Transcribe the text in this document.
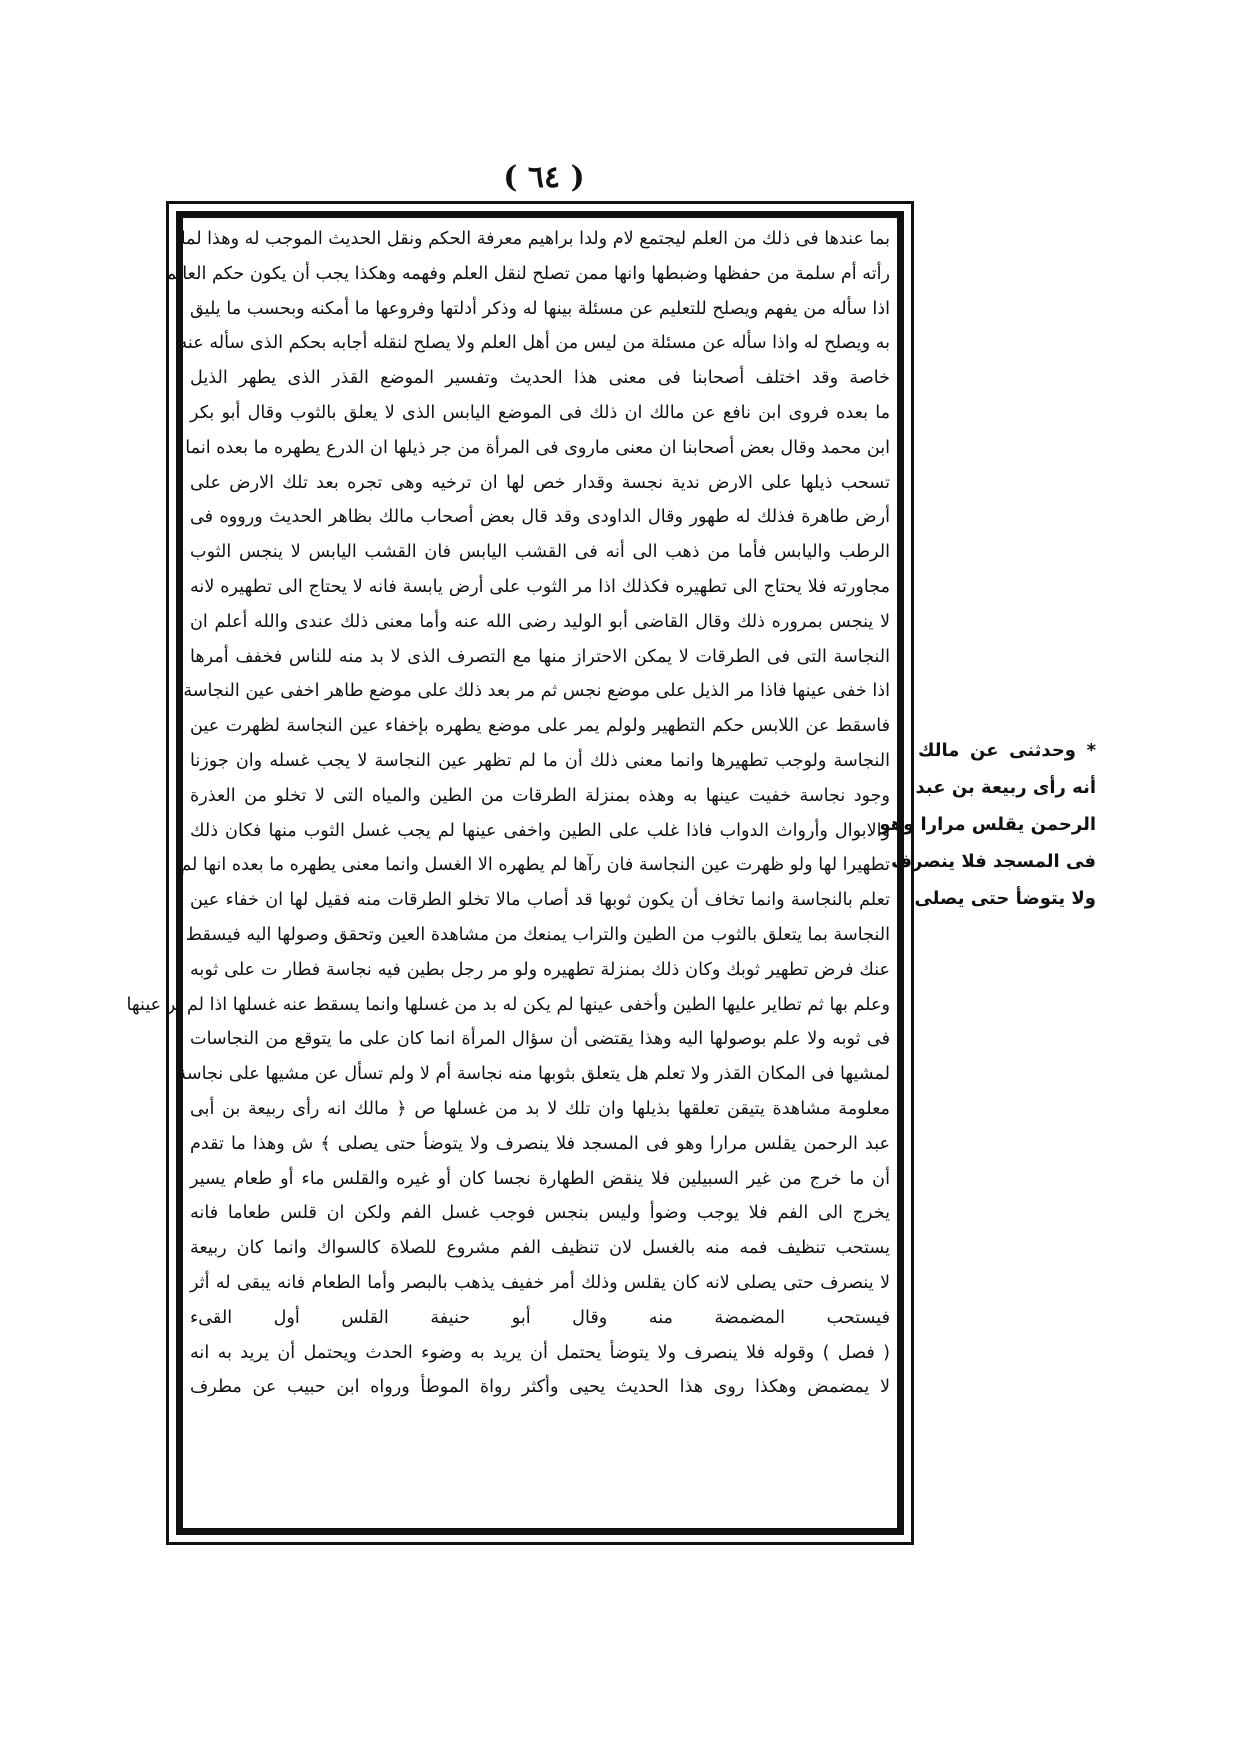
( ٦٤ )
بما عندها فى ذلك من العلم ليجتمع لام ولدا براهيم معرفة الحكم ونقل الحديث الموجب له وهذا لما
رأته أم سلمة من حفظها وضبطها وانها ممن تصلح لنقل العلم وفهمه وهكذا يجب أن يكون حكم العالم
اذا سأله من يفهم ويصلح للتعليم عن مسئلة بينها له وذكر أدلتها وفروعها ما أمكنه وبحسب ما يليق
به ويصلح له واذا سأله عن مسئلة من ليس من أهل العلم ولا يصلح لنقله أجابه بحكم الذى سأله عنه
خاصة وقد اختلف أصحابنا فى معنى هذا الحديث وتفسير الموضع القذر الذى يطهر الذيل
ما بعده فروى ابن نافع عن مالك ان ذلك فى الموضع اليابس الذى لا يعلق بالثوب وقال أبو بكر
ابن محمد وقال بعض أصحابنا ان معنى ماروى فى المرأة من جر ذيلها ان الدرع يطهره ما بعده انما
تسحب ذيلها على الارض ندية نجسة وقدار خص لها ان ترخيه وهى تجره بعد تلك الارض على
أرض طاهرة فذلك له طهور وقال الداودى وقد قال بعض أصحاب مالك بظاهر الحديث ورووه فى
الرطب واليابس فأما من ذهب الى أنه فى القشب اليابس فان القشب اليابس لا ينجس الثوب
مجاورته فلا يحتاج الى تطهيره فكذلك اذا مر الثوب على أرض يابسة فانه لا يحتاج الى تطهيره لانه
لا ينجس بمروره ذلك وقال القاضى أبو الوليد رضى الله عنه وأما معنى ذلك عندى والله أعلم ان
النجاسة التى فى الطرقات لا يمكن الاحتراز منها مع التصرف الذى لا بد منه للناس فخفف أمرها
اذا خفى عينها فاذا مر الذيل على موضع نجس ثم مر بعد ذلك على موضع طاهر اخفى عين النجاسة
فاسقط عن اللابس حكم التطهير ولولم يمر على موضع يطهره بإخفاء عين النجاسة لظهرت عين
النجاسة ولوجب تطهيرها وانما معنى ذلك أن ما لم تظهر عين النجاسة لا يجب غسله وان جوزنا
وجود نجاسة خفيت عينها به وهذه بمنزلة الطرقات من الطين والمياه التى لا تخلو من العذرة
والابوال وأرواث الدواب فاذا غلب على الطين واخفى عينها لم يجب غسل الثوب منها فكان ذلك
تطهيرا لها ولو ظهرت عين النجاسة فان رآها لم يطهره الا الغسل وانما معنى يطهره ما بعده انها لم
تعلم بالنجاسة وانما تخاف أن يكون ثوبها قد أصاب مالا تخلو الطرقات منه فقيل لها ان خفاء عين
النجاسة بما يتعلق بالثوب من الطين والتراب يمنعك من مشاهدة العين وتحقق وصولها اليه فيسقط
عنك فرض تطهير ثوبك وكان ذلك بمنزلة تطهيره ولو مر رجل بطين فيه نجاسة فطار ت على ثوبه
وعلم بها ثم تطاير عليها الطين وأخفى عينها لم يكن له بد من غسلها وانما يسقط عنه غسلها اذا لم ير عينها
فى ثوبه ولا علم بوصولها اليه وهذا يقتضى أن سؤال المرأة انما كان على ما يتوقع من النجاسات
لمشيها فى المكان القذر ولا تعلم هل يتعلق بثوبها منه نجاسة أم لا ولم تسأل عن مشيها على نجاسة
معلومة مشاهدة يتيقن تعلقها بذيلها وان تلك لا بد من غسلها ص ﴿ مالك انه رأى ربيعة بن أبى
عبد الرحمن يقلس مرارا وهو فى المسجد فلا ينصرف ولا يتوضأ حتى يصلى ﴾ ش وهذا ما تقدم
أن ما خرج من غير السبيلين فلا ينقض الطهارة نجسا كان أو غيره والقلس ماء أو طعام يسير
يخرج الى الفم فلا يوجب وضوأ وليس بنجس فوجب غسل الفم ولكن ان قلس طعاما فانه
يستحب تنظيف فمه منه بالغسل لان تنظيف الفم مشروع للصلاة كالسواك وانما كان ربيعة
لا ينصرف حتى يصلى لانه كان يقلس وذلك أمر خفيف يذهب بالبصر وأما الطعام فانه يبقى له أثر
فيستحب المضمضة منه وقال أبو حنيفة القلس أول القىء
( فصل ) وقوله فلا ينصرف ولا يتوضأ يحتمل أن يريد به وضوء الحدث ويحتمل أن يريد به انه
لا يمضمض وهكذا روى هذا الحديث يحيى وأكثر رواة الموطأ ورواه ابن حبيب عن مطرف
* وحدثنى عن مالك
أنه رأى ربيعة بن عبد
الرحمن يقلس مرارا وهو
فى المسجد فلا ينصرف
ولا يتوضأ حتى يصلى
